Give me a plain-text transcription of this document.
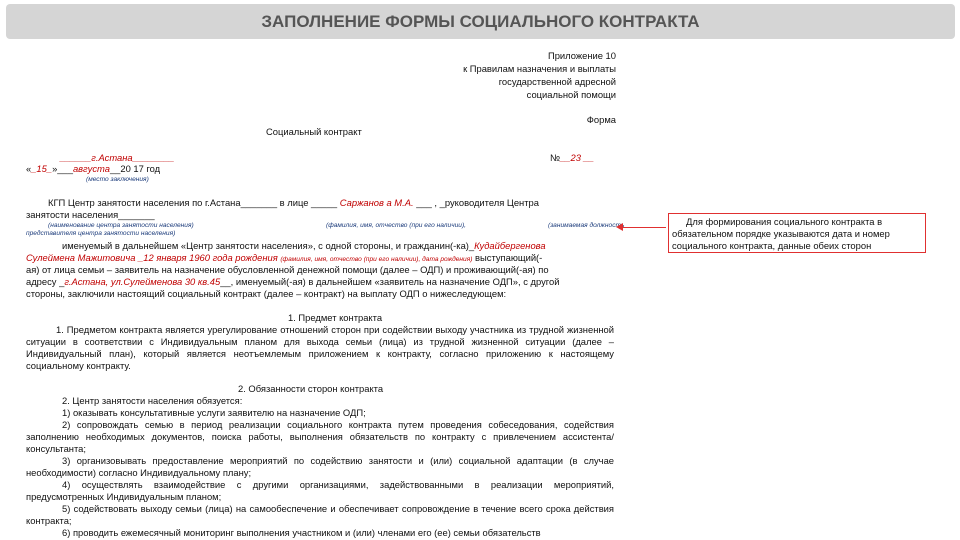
ЗАПОЛНЕНИЕ ФОРМЫ СОЦИАЛЬНОГО КОНТРАКТА
Приложение 10
к Правилам назначения и выплаты
государственной адресной
социальной помощи
Форма
Социальный контракт
______г.Астана________
«_15_»___августа__20 17 год
(место заключения)
№__23 __
КГП Центр занятости населения по г.Астана_______ в лице _____ Саржанов а М.А. ___ , _руководителя Центра
занятости населения_______
(наименование центра занятости населения)	(фамилия, имя, отчество (при его наличии),	(занимаемая должность
представителя центра занятости населения)
именуемый в дальнейшем «Центр занятости населения», с одной стороны, и гражданин(-ка)_Кудайбергенова
Сулейменa Мажитовича _12 января 1960 года рождения (фамилия, имя, отчество (при его наличии), дата рождения) выступающий(-
ая) от лица семьи – заявитель на назначение обусловленной денежной помощи (далее – ОДП) и проживающий(-ая) по
адресу _г.Астана, ул.Сулейменова 30 кв.45__, именуемый(-ая) в дальнейшем «заявитель на назначение ОДП», с другой
стороны, заключили настоящий социальный контракт (далее – контракт) на выплату ОДП о нижеследующем:
1. Предмет контракта
1. Предметом контракта является урегулирование отношений сторон при содействии выходу участника из трудной жизненной ситуации в соответствии с Индивидуальным планом для выхода семьи (лица) из трудной жизненной ситуации (далее – Индивидуальный план), который является неотъемлемым приложением к контракту, согласно приложению к настоящему социальному контракту.
2. Обязанности сторон контракта
2. Центр занятости населения обязуется:
1) оказывать консультативные услуги заявителю на назначение ОДП;
2) сопровождать семью в период реализации социального контракта путем проведения собеседования, содействия заполнению необходимых документов, поиска работы, выполнения обязательств по контракту с привлечением ассистента/консультанта;
3) организовывать предоставление мероприятий по содействию занятости и (или) социальной адаптации (в случае необходимости) согласно Индивидуальному плану;
4) осуществлять взаимодействие с другими организациями, задействованными в реализации мероприятий, предусмотренных Индивидуальным планом;
5) содействовать выходу семьи (лица) на самообеспечение и обеспечивает сопровождение в течение всего срока действия контракта;
6) проводить ежемесячный мониторинг выполнения участником и (или) членами его (ее) семьи обязательств
Для формирования социального контракта в
обязательном порядке указываются дата и номер
социального контракта, данные обеих сторон
